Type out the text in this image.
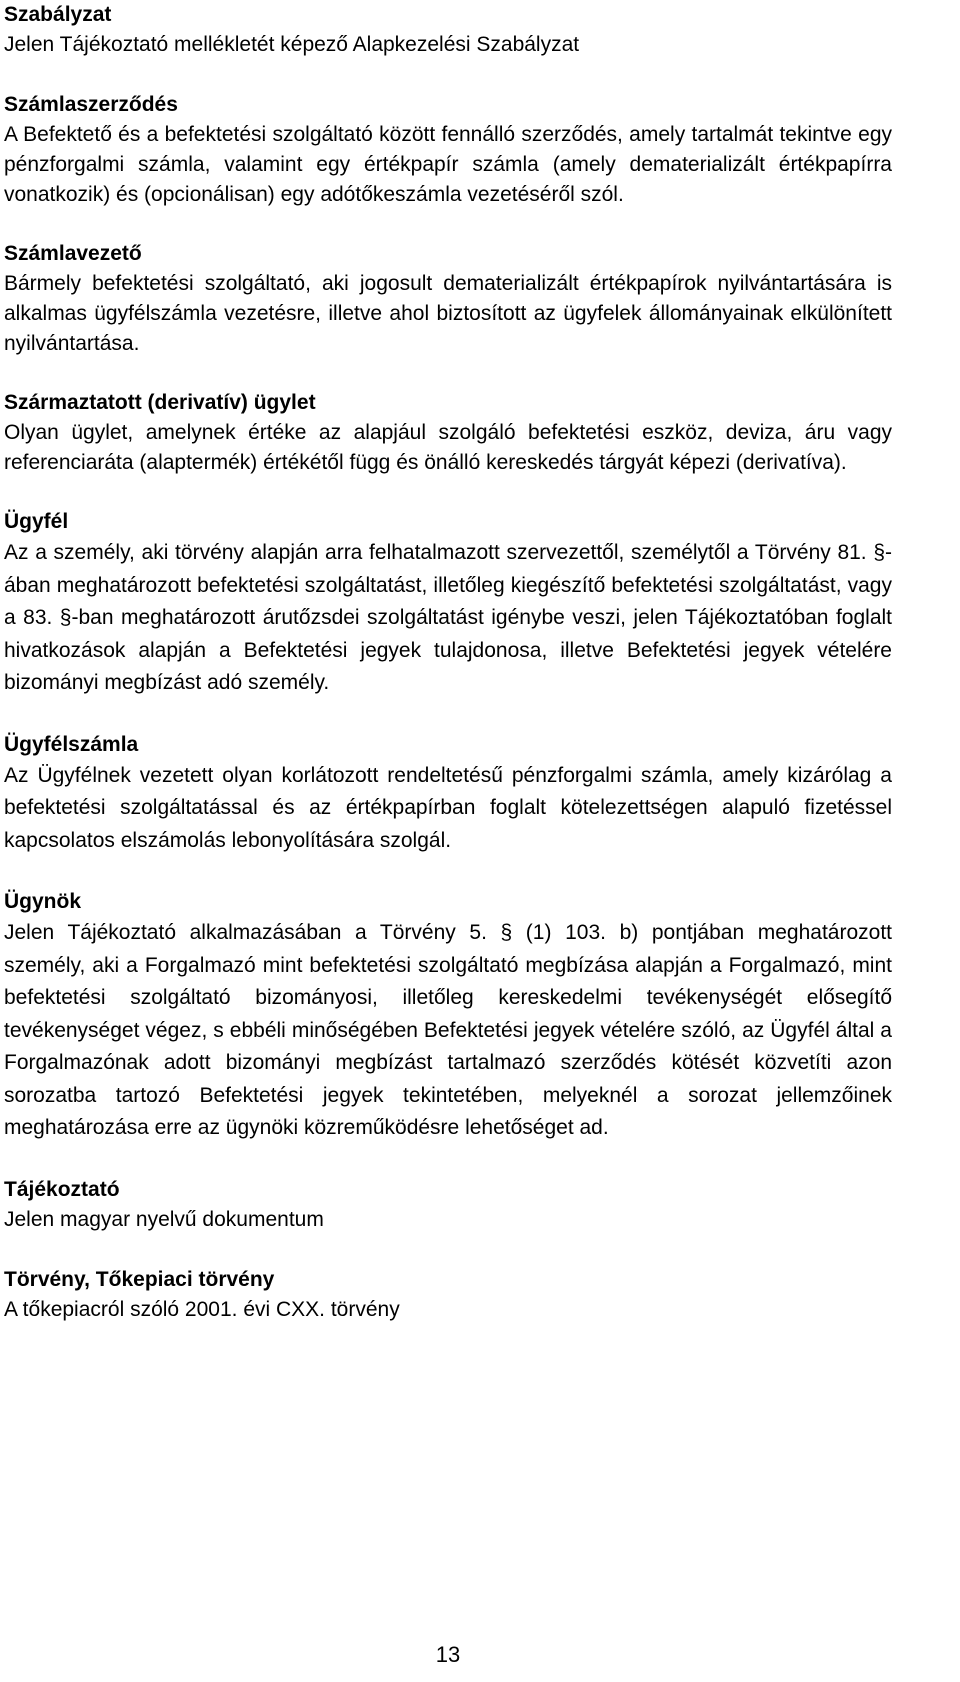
Szabályzat

Jelen Tájékoztató mellékletét képező Alapkezelési Szabályzat

Számlaszerződés

A Befektető és a befektetési szolgáltató között fennálló szerződés, amely tartalmát tekintve egy pénzforgalmi számla, valamint egy értékpapír számla (amely dematerializált értékpapírra vonatkozik) és (opcionálisan) egy adótőkeszámla vezetéséről szól.

Számlavezető

Bármely befektetési szolgáltató, aki jogosult dematerializált értékpapírok nyilvántartására is alkalmas ügyfélszámla vezetésre, illetve ahol biztosított az ügyfelek állományainak elkülönített nyilvántartása.

Származtatott (derivatív) ügylet

Olyan ügylet, amelynek értéke az alapjául szolgáló befektetési eszköz, deviza, áru vagy referenciaráta (alaptermék) értékétől függ és önálló kereskedés tárgyát képezi (derivatíva).

Ügyfél

Az a személy, aki törvény alapján arra felhatalmazott szervezettől, személytől a Törvény 81. §-ában meghatározott befektetési szolgáltatást, illetőleg kiegészítő befektetési szolgáltatást, vagy a 83. §-ban meghatározott árutőzsdei szolgáltatást igénybe veszi, jelen Tájékoztatóban foglalt hivatkozások alapján a Befektetési jegyek tulajdonosa, illetve Befektetési jegyek vételére bizományi megbízást adó személy.

Ügyfélszámla

Az Ügyfélnek vezetett olyan korlátozott rendeltetésű pénzforgalmi számla, amely kizárólag a befektetési szolgáltatással és az értékpapírban foglalt kötelezettségen alapuló fizetéssel kapcsolatos elszámolás lebonyolítására szolgál.

Ügynök

Jelen Tájékoztató alkalmazásában a Törvény 5. § (1) 103. b) pontjában meghatározott személy, aki a Forgalmazó mint befektetési szolgáltató megbízása alapján a Forgalmazó, mint befektetési szolgáltató bizományosi, illetőleg kereskedelmi tevékenységét elősegítő tevékenységet végez, s ebbéli minőségében Befektetési jegyek vételére szóló, az Ügyfél által a Forgalmazónak adott bizományi megbízást tartalmazó szerződés kötését közvetíti azon sorozatba tartozó Befektetési jegyek tekintetében, melyeknél a sorozat jellemzőinek meghatározása erre az ügynöki közreműködésre lehetőséget ad.

Tájékoztató

Jelen magyar nyelvű dokumentum

Törvény, Tőkepiaci törvény

A tőkepiacról szóló 2001. évi CXX. törvény

13
